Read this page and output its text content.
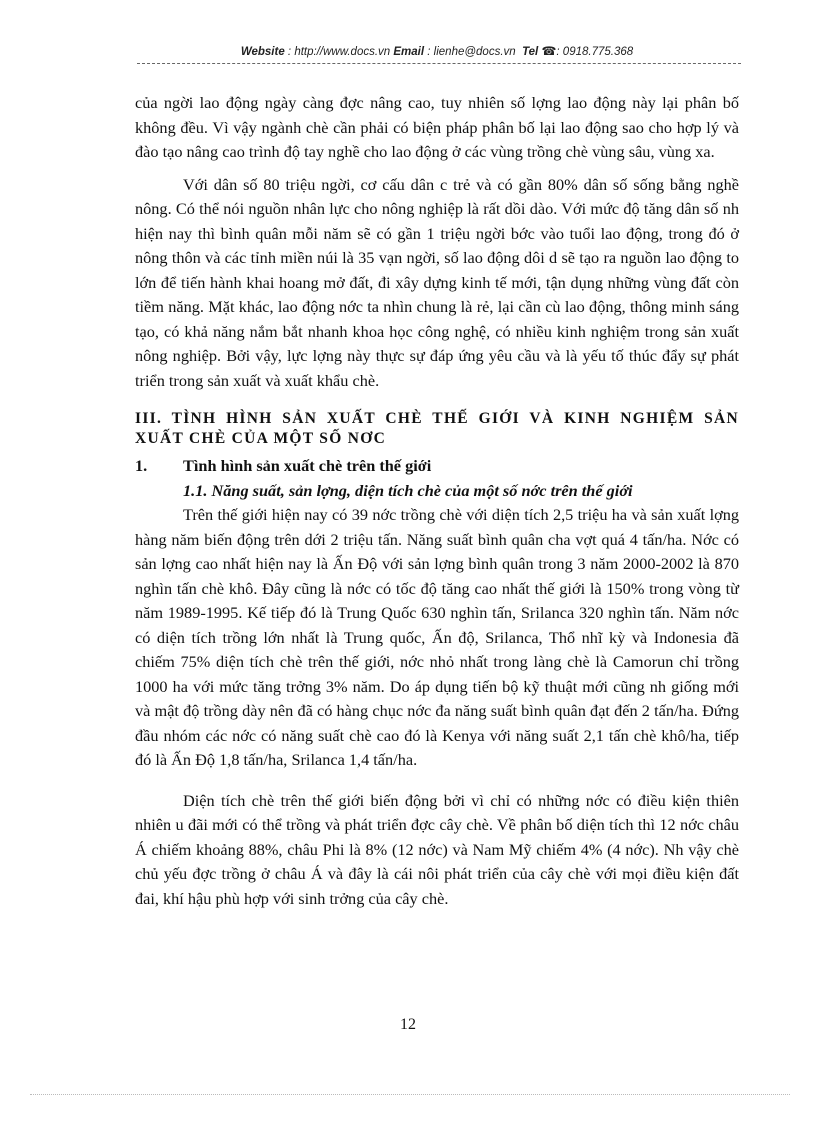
Website : http://www.docs.vn Email : lienhe@docs.vn Tel ☎: 0918.775.368

của ngời lao động ngày càng đợc nâng cao, tuy nhiên số lợng lao động này lại phân bố không đều. Vì vậy ngành chè cần phải có biện pháp phân bố lại lao động sao cho hợp lý và đào tạo nâng cao trình độ tay nghề cho lao động ở các vùng trồng chè vùng sâu, vùng xa.

Với dân số 80 triệu ngời, cơ cấu dân c trẻ và có gần 80% dân số sống bằng nghề nông. Có thể nói nguồn nhân lực cho nông nghiệp là rất dồi dào. Với mức độ tăng dân số nh hiện nay thì bình quân mỗi năm sẽ có gần 1 triệu ngời bớc vào tuổi lao động, trong đó ở nông thôn và các tỉnh miền núi là 35 vạn ngời, số lao động dôi d sẽ tạo ra nguồn lao động to lớn để tiến hành khai hoang mở đất, đi xây dựng kinh tế mới, tận dụng những vùng đất còn tiềm năng. Mặt khác, lao động nớc ta nhìn chung là rẻ, lại cần cù lao động, thông minh sáng tạo, có khả năng nắm bắt nhanh khoa học công nghệ, có nhiều kinh nghiệm trong sản xuất nông nghiệp. Bởi vậy, lực lợng này thực sự đáp ứng yêu cầu và là yếu tố thúc đẩy sự phát triển trong sản xuất và xuất khẩu chè.

III. TÌNH HÌNH SẢN XUẤT CHÈ THẾ GIỚI VÀ KINH NGHIỆM SẢN XUẤT CHÈ CỦA MỘT SỐ NƠC

1.	Tình hình sản xuất chè trên thế giới

1.1. Năng suất, sản lợng, diện tích chè của một số nớc trên thế giới

Trên thế giới hiện nay có 39 nớc trồng chè với diện tích 2,5 triệu ha và sản xuất lợng hàng năm biến động trên dới 2 triệu tấn. Năng suất bình quân cha vợt quá 4 tấn/ha. Nớc có sản lợng cao nhất hiện nay là Ấn Độ với sản lợng bình quân trong 3 năm 2000-2002 là 870 nghìn tấn chè khô. Đây cũng là nớc có tốc độ tăng cao nhất thế giới là 150% trong vòng từ năm 1989-1995. Kế tiếp đó là Trung Quốc 630 nghìn tấn, Srilanca 320 nghìn tấn. Năm nớc có diện tích trồng lớn nhất là Trung quốc, Ấn độ, Srilanca, Thổ nhĩ kỳ và Indonesia đã chiếm 75% diện tích chè trên thế giới, nớc nhỏ nhất trong làng chè là Camorun chỉ trồng 1000 ha với mức tăng trởng 3% năm. Do áp dụng tiến bộ kỹ thuật mới cũng nh giống mới và mật độ trồng dày nên đã có hàng chục nớc đa năng suất bình quân đạt đến 2 tấn/ha. Đứng đầu nhóm các nớc có năng suất chè cao đó là Kenya với năng suất 2,1 tấn chè khô/ha, tiếp đó là Ấn Độ 1,8 tấn/ha, Srilanca 1,4 tấn/ha.

Diện tích chè trên thế giới biến động bởi vì chỉ có những nớc có điều kiện thiên nhiên u đãi mới có thể trồng và phát triển đợc cây chè. Về phân bố diện tích thì 12 nớc châu Á chiếm khoảng 88%, châu Phi là 8% (12 nớc) và Nam Mỹ chiếm 4% (4 nớc). Nh vậy chè chủ yếu đợc trồng ở châu Á và đây là cái nôi phát triển của cây chè với mọi điều kiện đất đai, khí hậu phù hợp với sinh trởng của cây chè.

12
